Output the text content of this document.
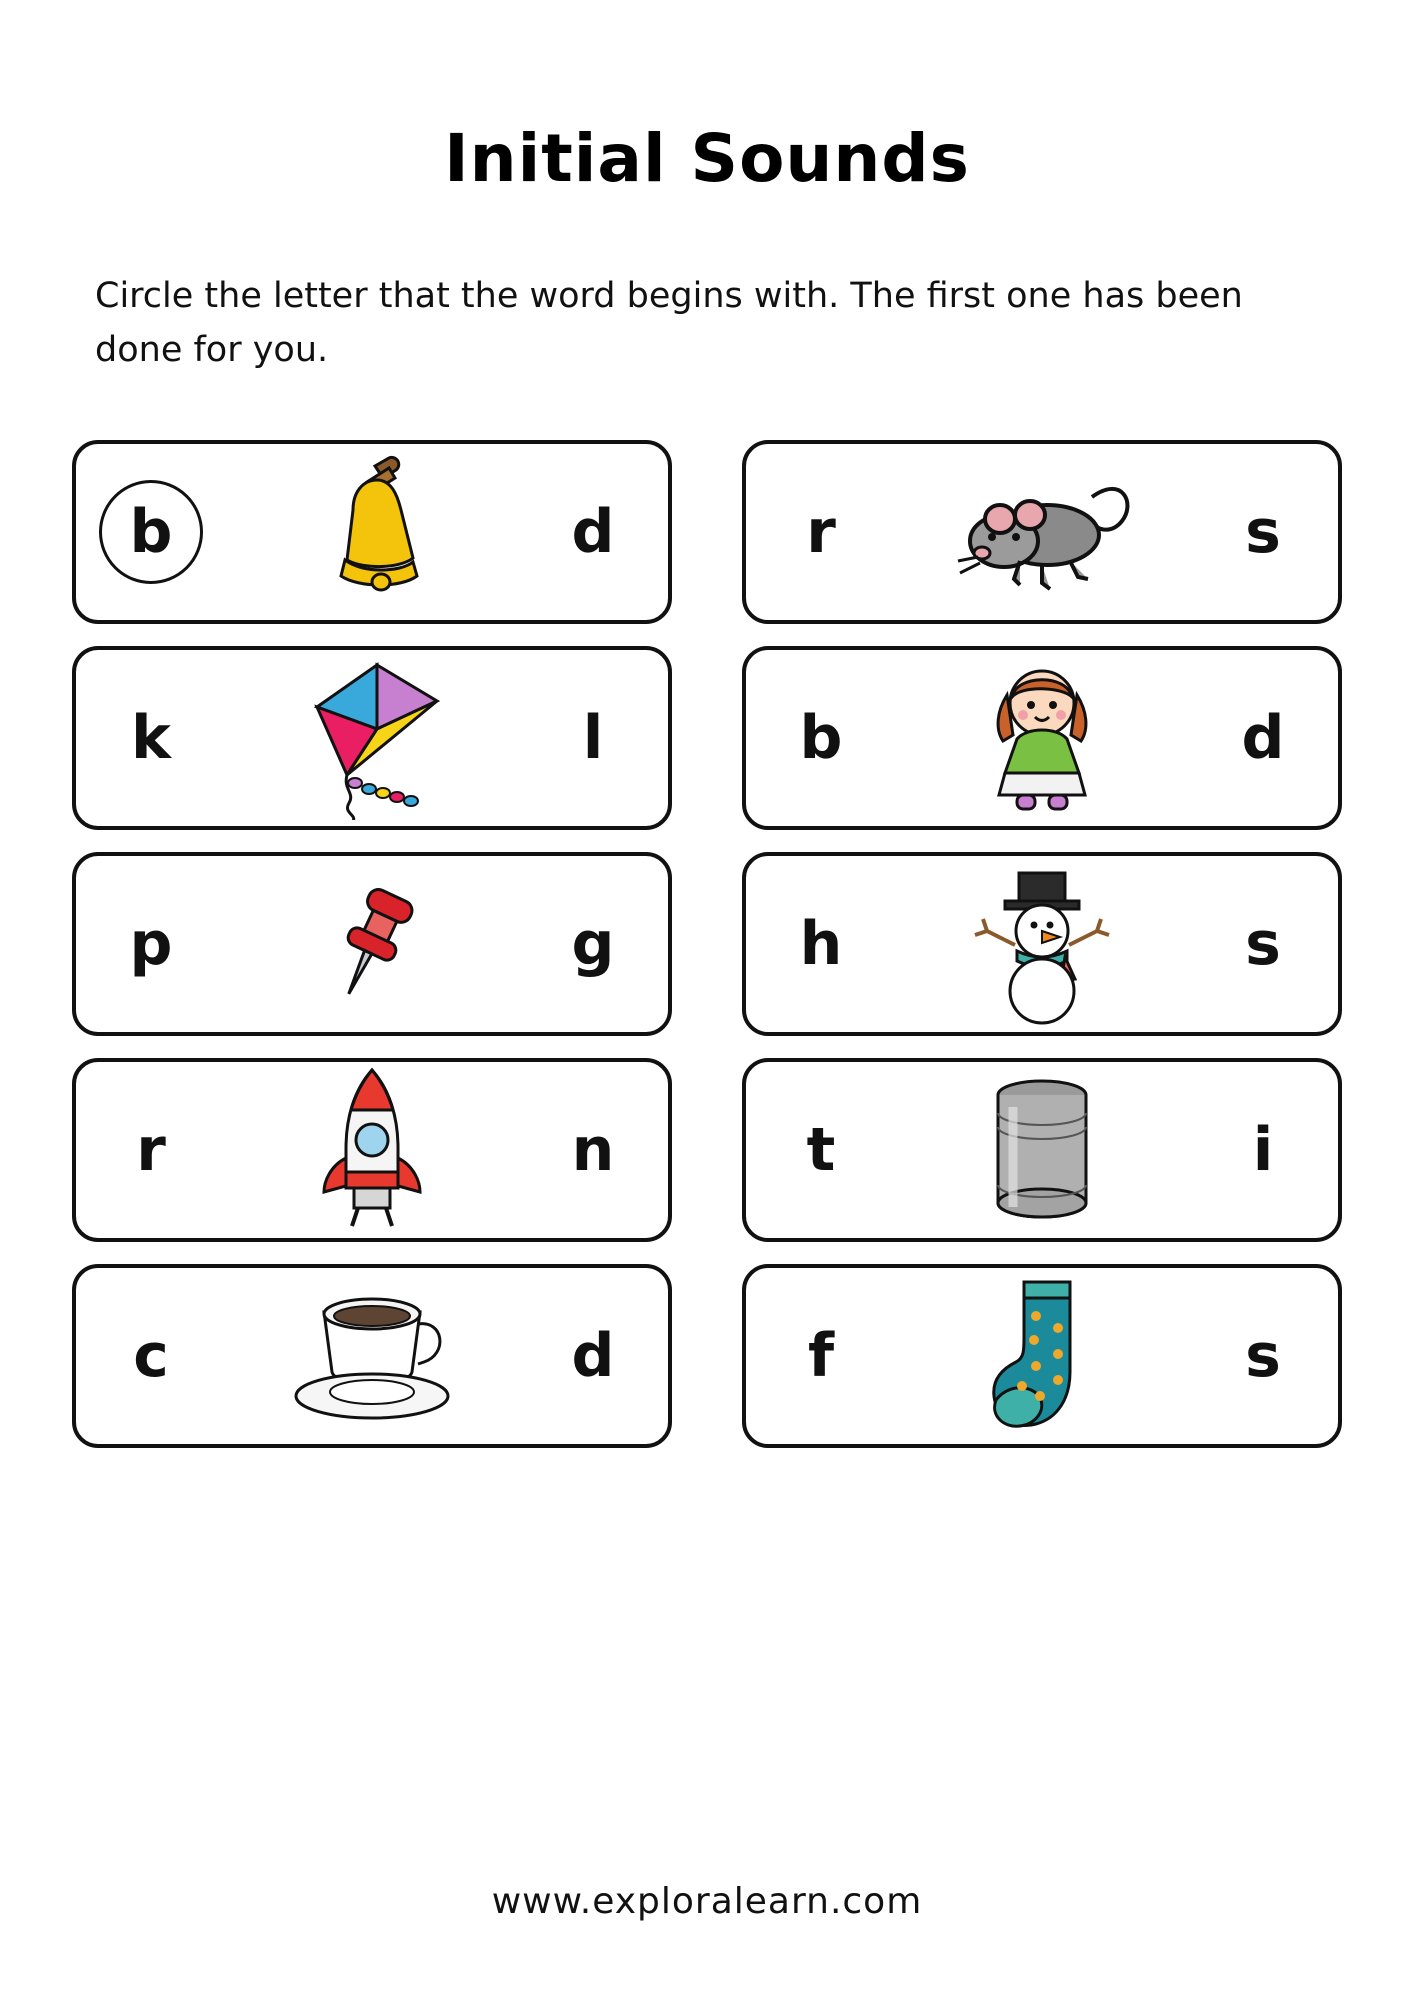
Initial Sounds

Circle the letter that the word begins with. The first one has been done for you.

b	d	r	s
k	l	b	d
p	g	h	s
r	n	t	i
c	d	f	s
www.exploralearn.com
